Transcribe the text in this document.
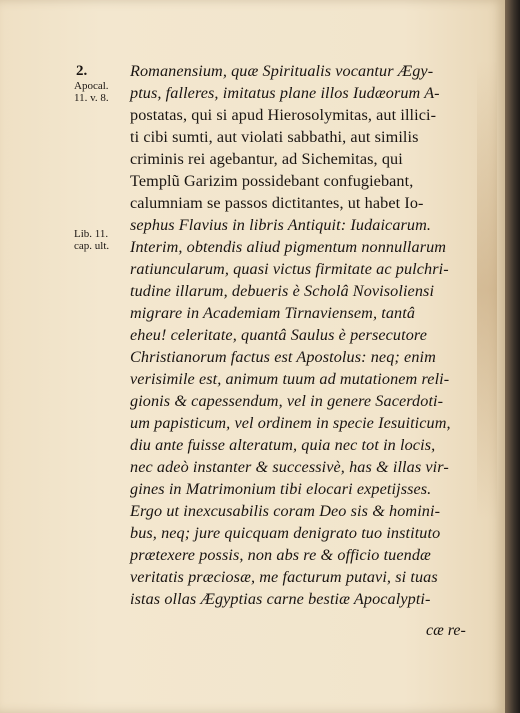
2.
Apocal.
11. v. 8.
Lib. 11.
cap. ult.
Romanensium, quæ Spiritualis vocantur Ægy-
ptus, falleres, imitatus plane illos Iudæorum A-
postatas, qui si apud Hierosolymitas, aut illici-
ti cibi sumti, aut violati sabbathi, aut similis
criminis rei agebantur, ad Sichemitas, qui
Templũ Garizim possidebant confugiebant,
calumniam se passos dictitantes, ut habet Io-
sephus Flavius in libris Antiquit: Iudaicarum.
Interim, obtendis aliud pigmentum nonnullarum
ratiuncularum, quasi victus firmitate ac pulchri-
tudine illarum, debueris è Scholâ Novisoliensi
migrare in Academiam Tirnaviensem, tantâ
eheu! celeritate, quantâ Saulus è persecutore
Christianorum factus est Apostolus: neq; enim
verisimile est, animum tuum ad mutationem reli-
gionis & capessendum, vel in genere Sacerdoti-
um papisticum, vel ordinem in specie Iesuiticum,
diu ante fuisse alteratum, quia nec tot in locis,
nec adeò instanter & successivè, has & illas vir-
gines in Matrimonium tibi elocari expetijsses.
Ergo ut inexcusabilis coram Deo sis & homini-
bus, neq; jure quicquam denigrato tuo instituto
prætexere possis, non abs re & officio tuendæ
veritatis præciosæ, me facturum putavi, si tuas
istas ollas Ægyptias carne bestiæ Apocalypti-
cæ re-
